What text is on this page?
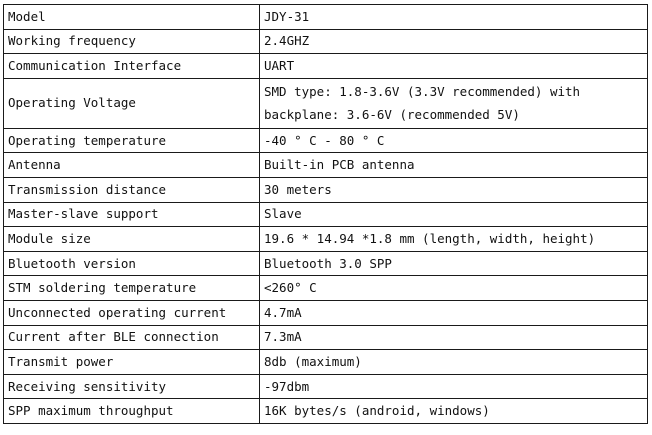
Model	JDY-31
Working frequency	2.4GHZ
Communication Interface	UART
Operating Voltage	SMD type: 1.8-3.6V (3.3V recommended) with
backplane: 3.6-6V (recommended 5V)

Operating temperature	-40 ° C - 80 ° C
Antenna	Built-in PCB antenna
Transmission distance	30 meters
Master-slave support	Slave
Module size	19.6 * 14.94 *1.8 mm (length, width, height)
Bluetooth version	Bluetooth 3.0 SPP
STM soldering temperature	<260° C
Unconnected operating current	4.7mA
Current after BLE connection	7.3mA
Transmit power	8db (maximum)
Receiving sensitivity	-97dbm
SPP maximum throughput	16K bytes/s (android, windows)
